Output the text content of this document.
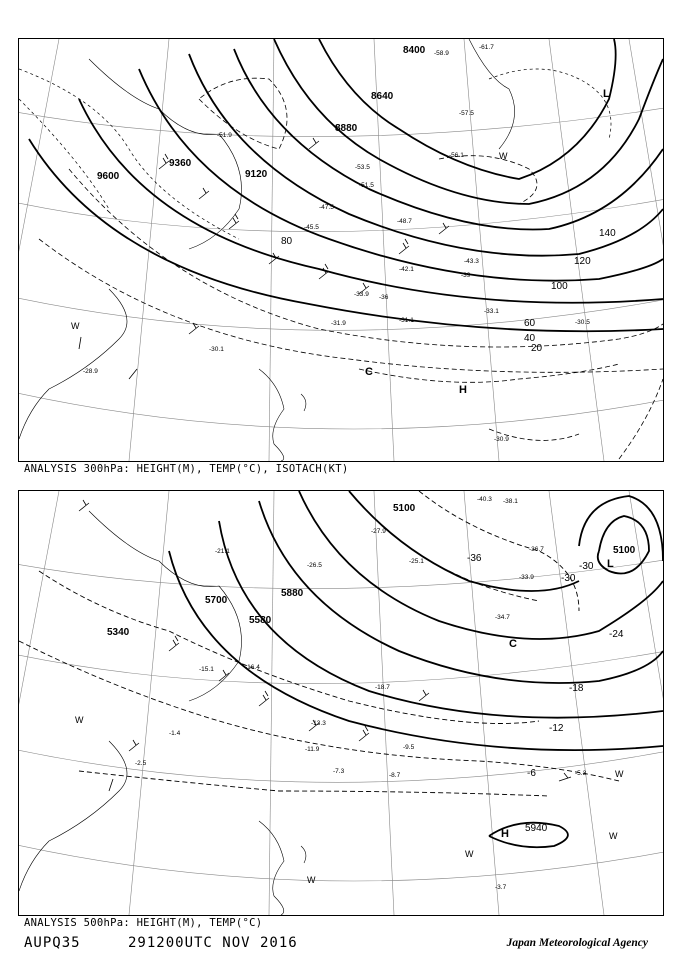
8400
8640
8880
9120
9360
9600
20
40
60
80
100
120
140
-61.7
-58.9
-57.5
-56.1
-53.5
-51.9
-51.5
-48.7
-47.5
-45.5
-43.3
-42.1
-39
-36
-33.9
-33.1
-31.9	-31.1
-30.9
-30.5
-30.1
-28.9
L
H
C
W
W
ANALYSIS 300hPa: HEIGHT(M), TEMP(°C), ISOTACH(KT)
5100
5100
5340
5580
5700
5880
5940
-36
-30
-30
-24
-18
-12
-6
-40.3 -38.1
-36.7
-34.7
-33.9
-27.9
-26.5
-25.1
-21.1
-18.7
-16.4
-15.1
-13.3
-11.9	-9.5
-8.7
-7.3	-5.3
-3.7
-2.5
-1.4
L
C
H
W
W
W
W
W
ANALYSIS 500hPa: HEIGHT(M), TEMP(°C)
AUPQ35	291200UTC NOV 2016	Japan Meteorological Agency
